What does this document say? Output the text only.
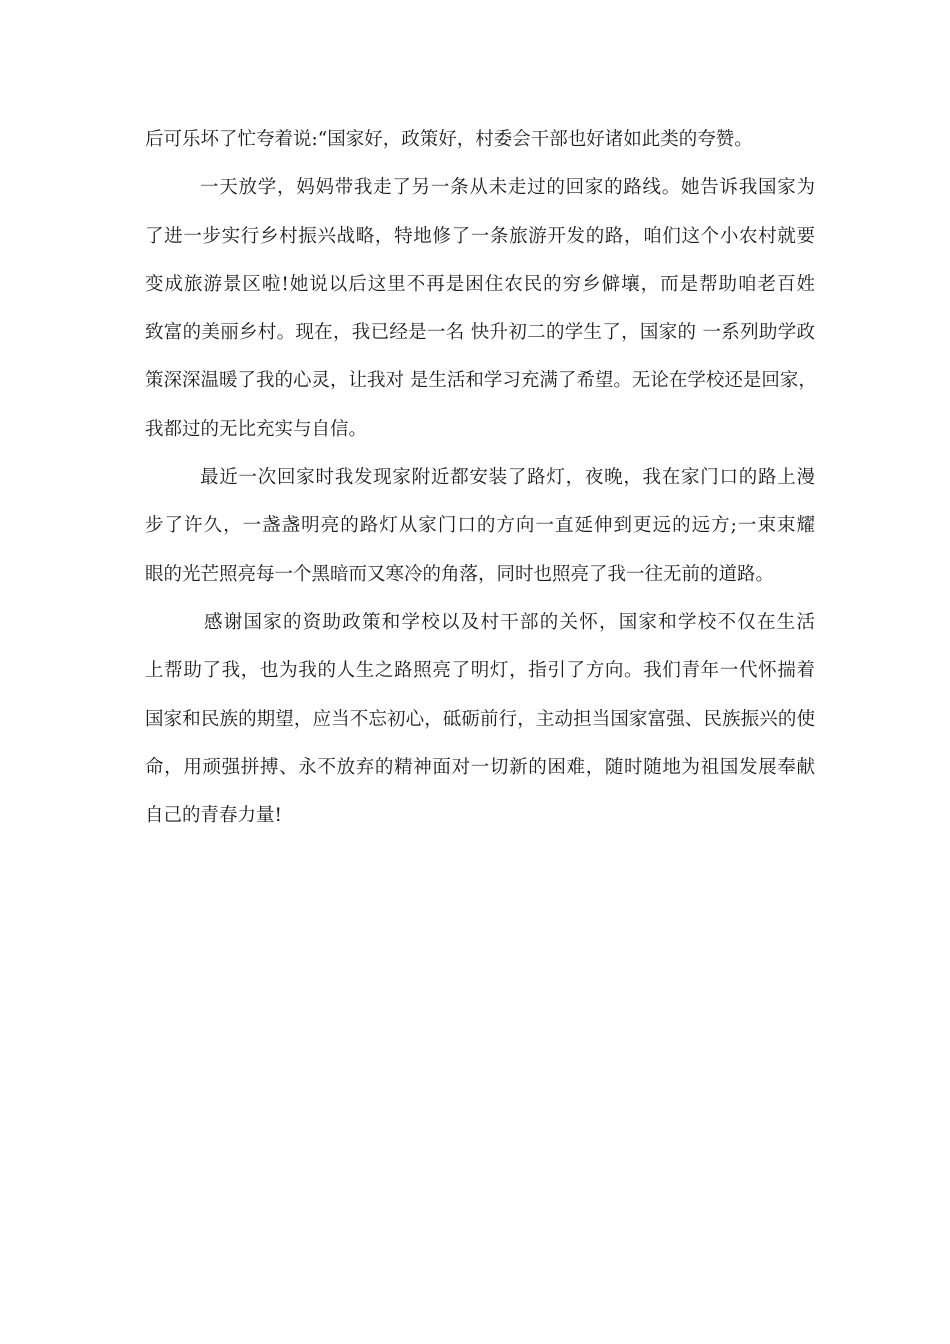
后可乐坏了忙夸着说:“国家好，政策好，村委会干部也好诸如此类的夸赞。
一天放学，妈妈带我走了另一条从未走过的回家的路线。她告诉我国家为
了进一步实行乡村振兴战略，特地修了一条旅游开发的路，咱们这个小农村就要
变成旅游景区啦!她说以后这里不再是困住农民的穷乡僻壤，而是帮助咱老百姓
致富的美丽乡村。现在，我已经是一名 快升初二的学生了，国家的 一系列助学政
策深深温暖了我的心灵，让我对 是生活和学习充满了希望。无论在学校还是回家，
我都过的无比充实与自信。
最近一次回家时我发现家附近都安装了路灯，夜晚，我在家门口的路上漫
步了许久，一盏盏明亮的路灯从家门口的方向一直延伸到更远的远方;一束束耀
眼的光芒照亮每一个黑暗而又寒冷的角落，同时也照亮了我一往无前的道路。
感谢国家的资助政策和学校以及村干部的关怀，国家和学校不仅在生活
上帮助了我，也为我的人生之路照亮了明灯，指引了方向。我们青年一代怀揣着
国家和民族的期望，应当不忘初心，砥砺前行，主动担当国家富强、民族振兴的使
命，用顽强拼搏、永不放弃的精神面对一切新的困难，随时随地为祖国发展奉献
自己的青春力量!
